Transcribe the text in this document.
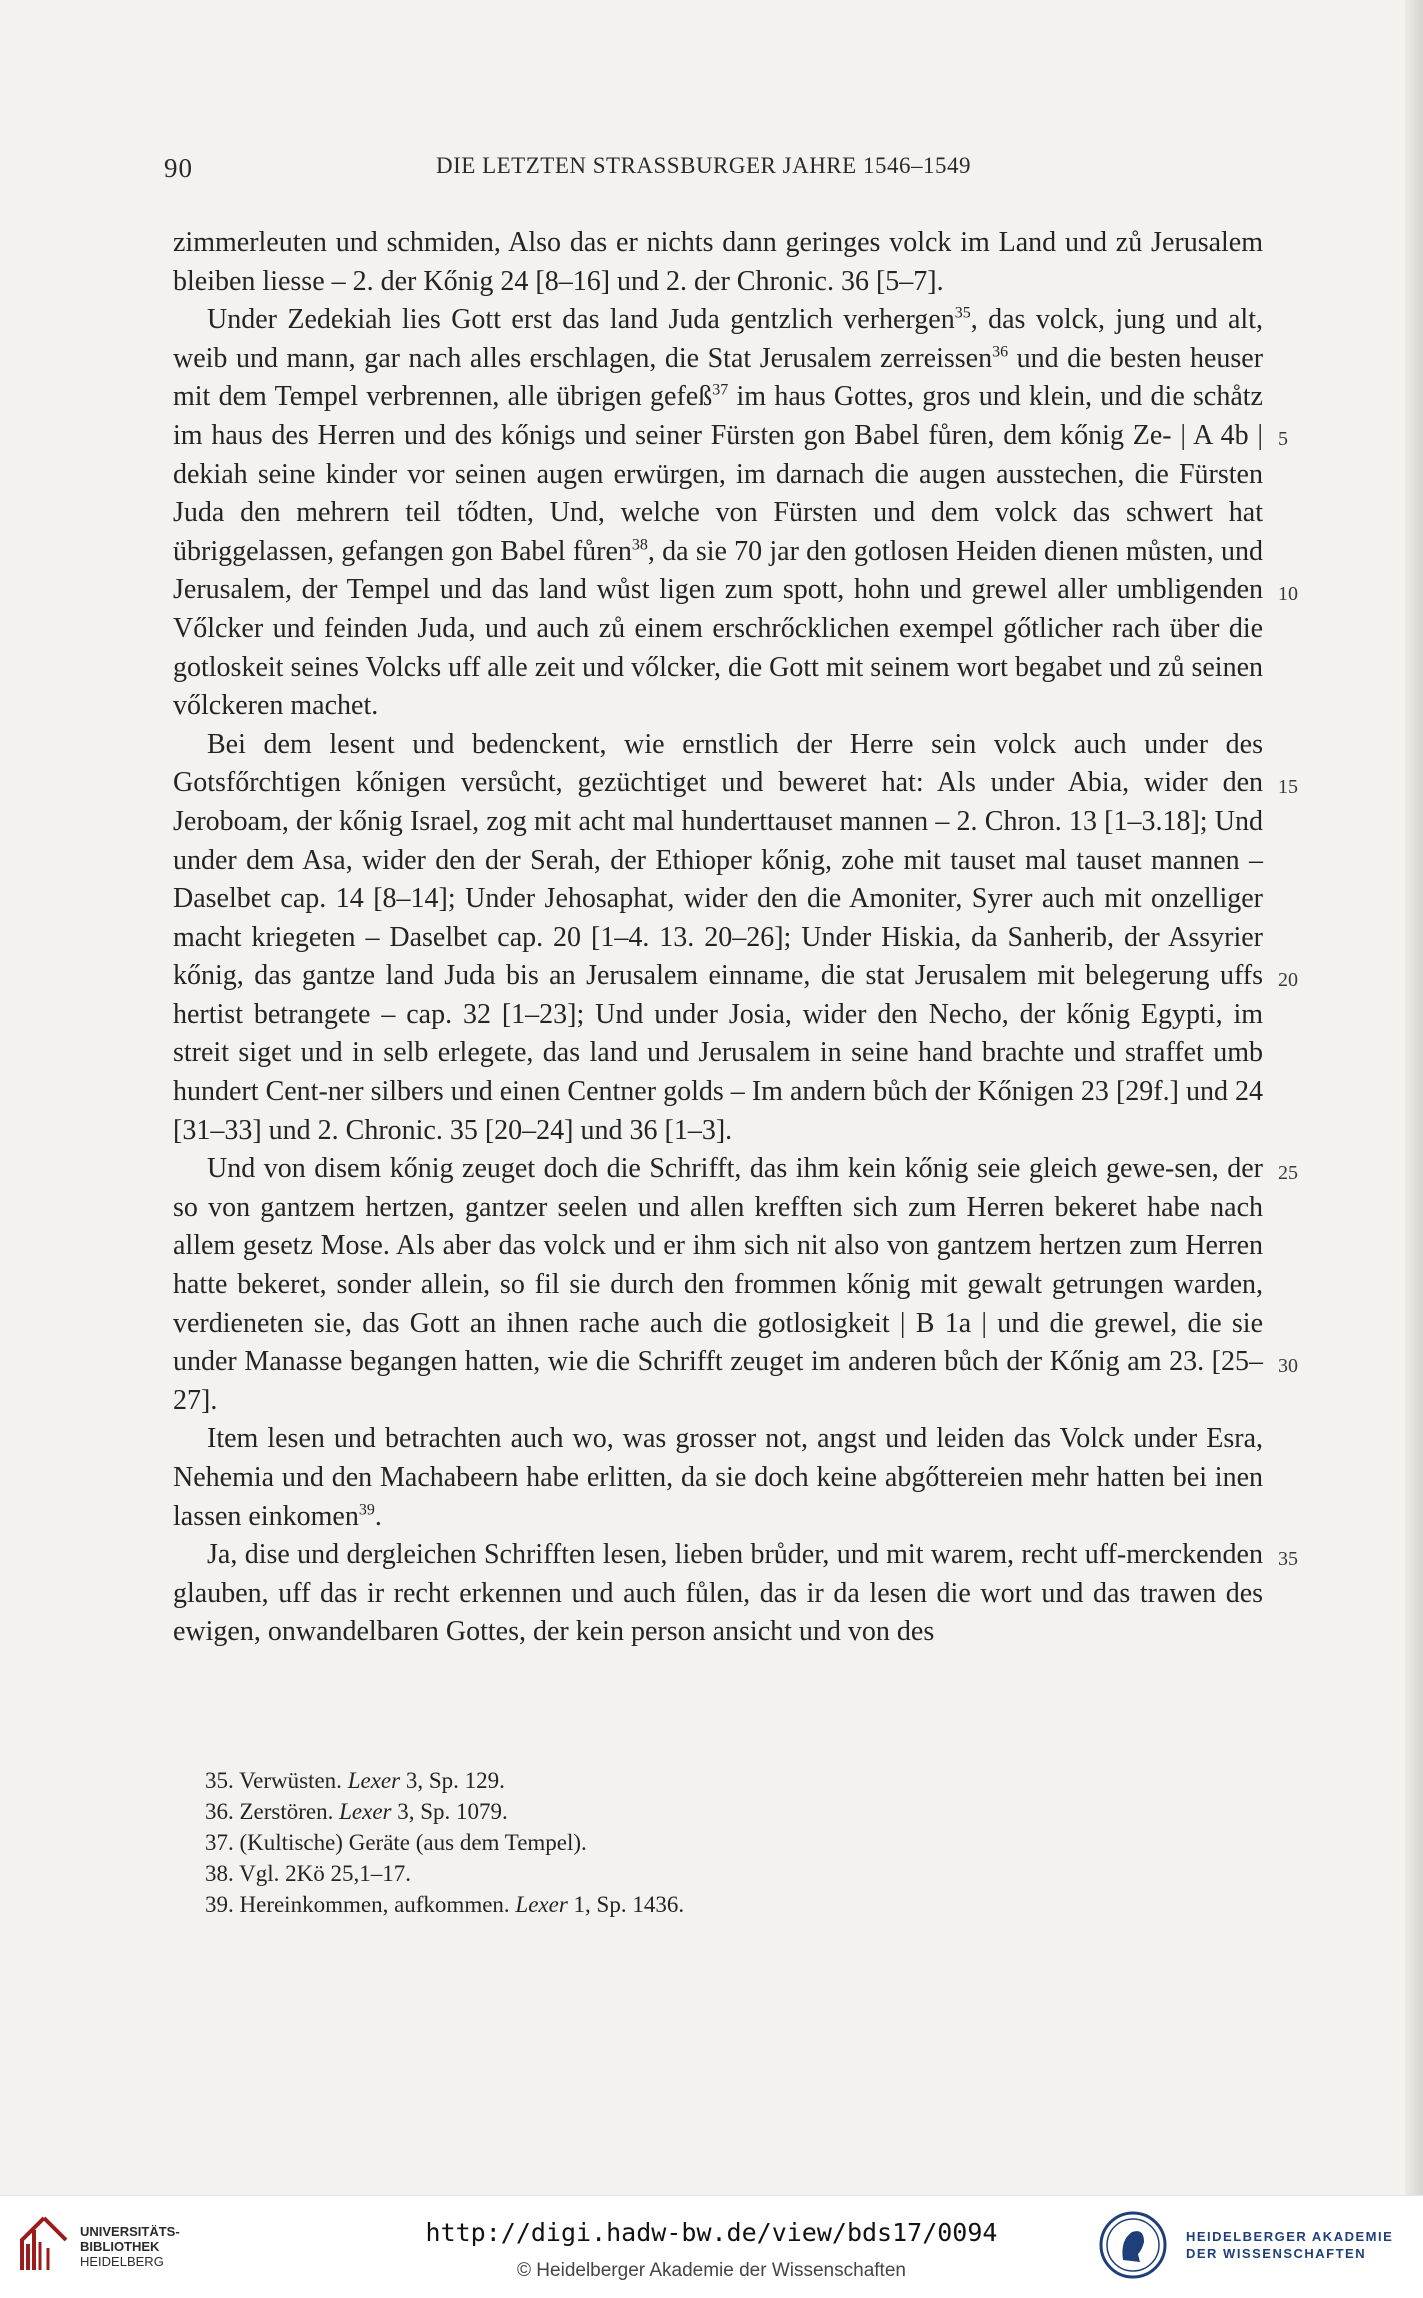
90	DIE LETZTEN STRASSBURGER JAHRE 1546–1549

zimmerleuten und schmiden, Also das er nichts dann geringes volck im Land und zů Jerusalem bleiben liesse – 2. der Kőnig 24 [8–16] und 2. der Chronic. 36 [5–7].

Under Zedekiah lies Gott erst das land Juda gentzlich verhergen$^{35}$, das volck, jung und alt, weib und mann, gar nach alles erschlagen, die Stat Jerusalem zerreissen$^{36}$ und die besten heuser mit dem Tempel verbrennen, alle übrigen gefeß$^{37}$ im haus Gottes, gros und klein, und die schåtz im haus des Herren und des kőnigs und seiner Fürsten gon Babel fůren, dem kőnig Ze- | A 4b | dekiah seine kinder vor seinen augen erwürgen, im darnach die augen ausstechen, die Fürsten Juda den mehrern teil tődten, Und, welche von Fürsten und dem volck das schwert hat übriggelassen, gefangen gon Babel fůren$^{38}$, da sie 70 jar den gotlosen Heiden dienen můsten, und Jerusalem, der Tempel und das land wůst ligen zum spott, hohn und grewel aller umbligenden Vőlcker und feinden Juda, und auch zů einem erschrőcklichen exempel gőtlicher rach über die gotloskeit seines Volcks uff alle zeit und vőlcker, die Gott mit seinem wort begabet und zů seinen vőlckeren machet.

Bei dem lesent und bedenckent, wie ernstlich der Herre sein volck auch under des Gotsfőrchtigen kőnigen versůcht, gezüchtiget und beweret hat: Als under Abia, wider den Jeroboam, der kőnig Israel, zog mit acht mal hunderttauset mannen – 2. Chron. 13 [1–3.18]; Und under dem Asa, wider den der Serah, der Ethioper kőnig, zohe mit tauset mal tauset mannen – Daselbet cap. 14 [8–14]; Under Jehosaphat, wider den die Amoniter, Syrer auch mit onzelliger macht kriegeten – Daselbet cap. 20 [1–4. 13. 20–26]; Under Hiskia, da Sanherib, der Assyrier kőnig, das gantze land Juda bis an Jerusalem einname, die stat Jerusalem mit belegerung uffs hertist betrangete – cap. 32 [1–23]; Und under Josia, wider den Necho, der kőnig Egypti, im streit siget und in selb erlegete, das land und Jerusalem in seine hand brachte und straffet umb hundert Cent-ner silbers und einen Centner golds – Im andern bůch der Kőnigen 23 [29f.] und 24 [31–33] und 2. Chronic. 35 [20–24] und 36 [1–3].

Und von disem kőnig zeuget doch die Schrifft, das ihm kein kőnig seie gleich gewe-sen, der so von gantzem hertzen, gantzer seelen und allen krefften sich zum Herren bekeret habe nach allem gesetz Mose. Als aber das volck und er ihm sich nit also von gantzem hertzen zum Herren hatte bekeret, sonder allein, so fil sie durch den frommen kőnig mit gewalt getrungen warden, verdieneten sie, das Gott an ihnen rache auch die gotlosigkeit | B 1a | und die grewel, die sie under Manasse begangen hatten, wie die Schrifft zeuget im anderen bůch der Kőnig am 23. [25–27].

Item lesen und betrachten auch wo, was grosser not, angst und leiden das Volck under Esra, Nehemia und den Machabeern habe erlitten, da sie doch keine abgőttereien mehr hatten bei inen lassen einkomen$^{39}$.

Ja, dise und dergleichen Schrifften lesen, lieben brůder, und mit warem, recht uff-merckenden glauben, uff das ir recht erkennen und auch fůlen, das ir da lesen die wort und das trawen des ewigen, onwandelbaren Gottes, der kein person ansicht und von des

5
10
15
20
25
30
35
35. Verwüsten. Lexer 3, Sp. 129.
36. Zerstören. Lexer 3, Sp. 1079.
37. (Kultische) Geräte (aus dem Tempel).
38. Vgl. 2Kö 25,1–17.
39. Hereinkommen, aufkommen. Lexer 1, Sp. 1436.
UNIVERSITÄTS-
BIBLIOTHEK
HEIDELBERG
http://digi.hadw-bw.de/view/bds17/0094
© Heidelberger Akademie der Wissenschaften
HEIDELBERGER AKADEMIE
DER WISSENSCHAFTEN
